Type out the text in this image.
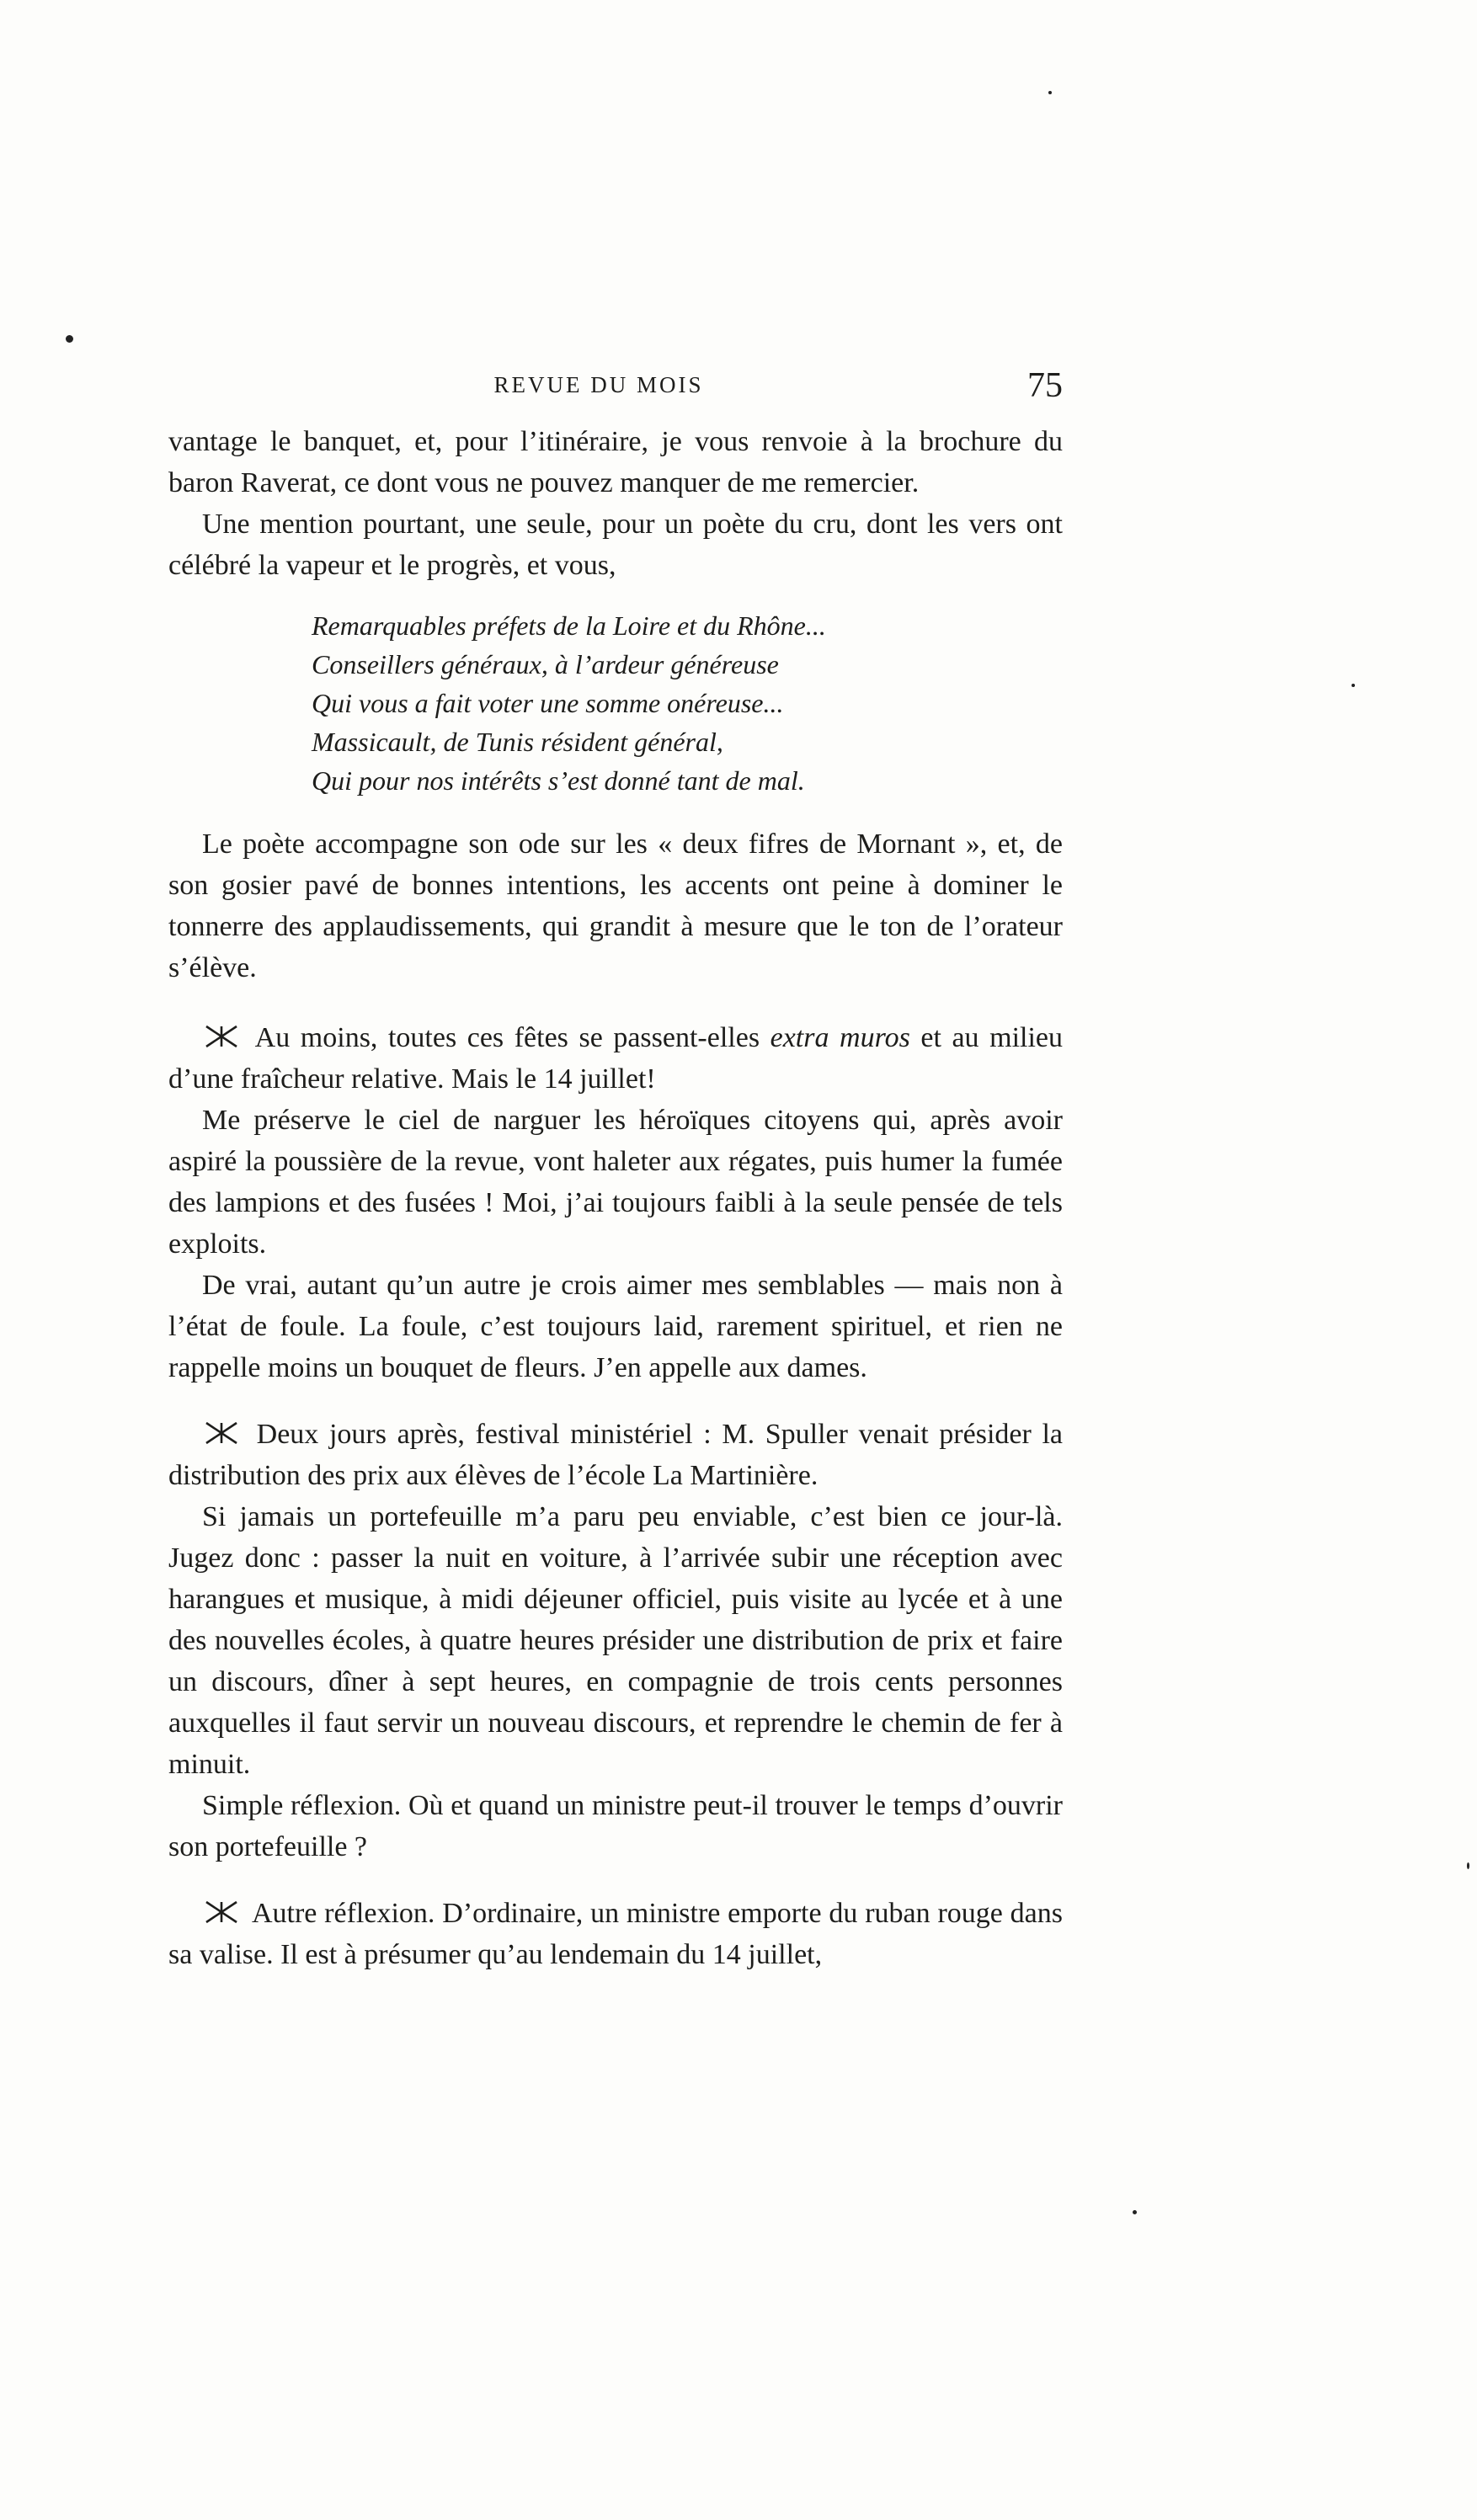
REVUE DU MOIS	75

vantage le banquet, et, pour l’itinéraire, je vous renvoie à la brochure du baron Raverat, ce dont vous ne pouvez manquer de me remercier.

Une mention pourtant, une seule, pour un poète du cru, dont les vers ont célébré la vapeur et le progrès, et vous,

Remarquables préfets de la Loire et du Rhône...
Conseillers généraux, à l’ardeur généreuse
Qui vous a fait voter une somme onéreuse...
Massicault, de Tunis résident général,
Qui pour nos intérêts s’est donné tant de mal.

Le poète accompagne son ode sur les « deux fifres de Mornant », et, de son gosier pavé de bonnes intentions, les accents ont peine à dominer le tonnerre des applaudissements, qui grandit à mesure que le ton de l’orateur s’élève.

Au moins, toutes ces fêtes se passent-elles extra muros et au milieu d’une fraîcheur relative. Mais le 14 juillet!

Me préserve le ciel de narguer les héroïques citoyens qui, après avoir aspiré la poussière de la revue, vont haleter aux régates, puis humer la fumée des lampions et des fusées ! Moi, j’ai toujours faibli à la seule pensée de tels exploits.

De vrai, autant qu’un autre je crois aimer mes semblables — mais non à l’état de foule. La foule, c’est toujours laid, rarement spirituel, et rien ne rappelle moins un bouquet de fleurs. J’en appelle aux dames.

Deux jours après, festival ministériel : M. Spuller venait présider la distribution des prix aux élèves de l’école La Martinière.

Si jamais un portefeuille m’a paru peu enviable, c’est bien ce jour-là. Jugez donc : passer la nuit en voiture, à l’arrivée subir une réception avec harangues et musique, à midi déjeuner officiel, puis visite au lycée et à une des nouvelles écoles, à quatre heures présider une distribution de prix et faire un discours, dîner à sept heures, en compagnie de trois cents personnes auxquelles il faut servir un nouveau discours, et reprendre le chemin de fer à minuit.

Simple réflexion. Où et quand un ministre peut-il trouver le temps d’ouvrir son portefeuille ?

Autre réflexion. D’ordinaire, un ministre emporte du ruban rouge dans sa valise. Il est à présumer qu’au lendemain du 14 juillet,
